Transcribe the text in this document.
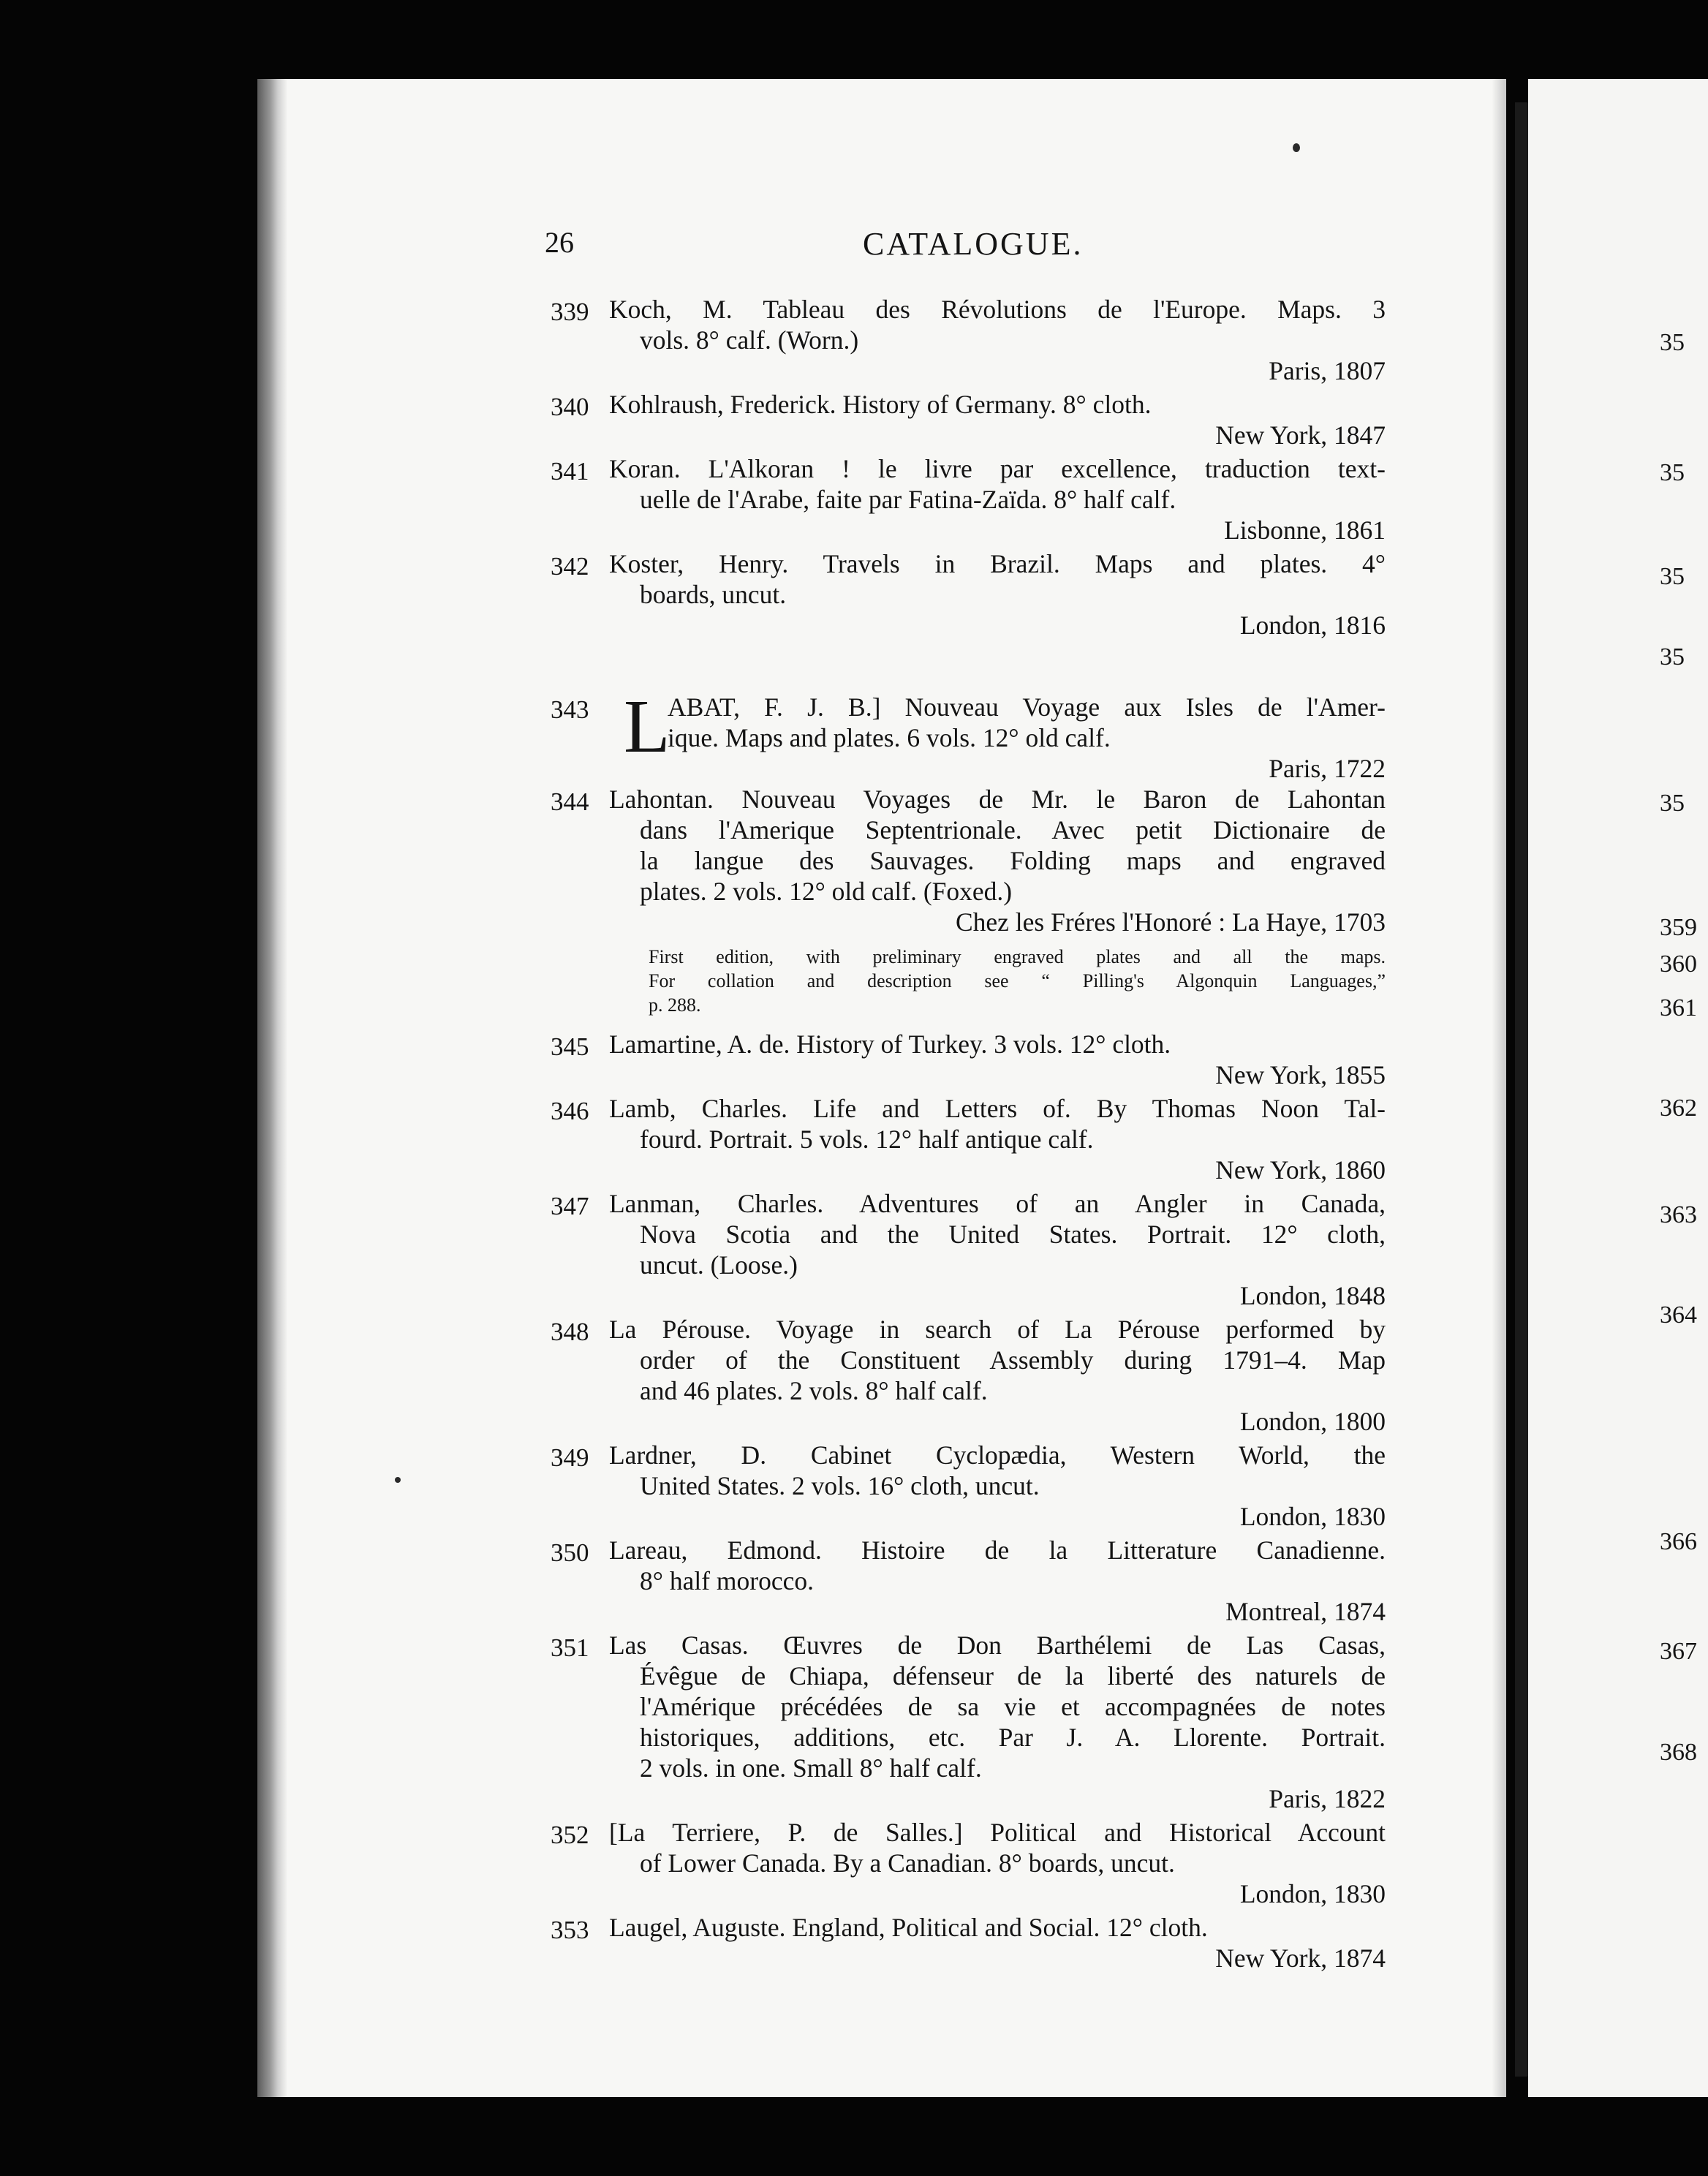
26	CATALOGUE.
339 Koch, M. Tableau des Révolutions de l'Europe. Maps. 3
vols. 8° calf. (Worn.)
Paris, 1807
340 Kohlraush, Frederick. History of Germany. 8° cloth.
New York, 1847
341 Koran. L'Alkoran ! le livre par excellence, traduction text-
uelle de l'Arabe, faite par Fatina-Zaïda. 8° half calf.
Lisbonne, 1861
342 Koster, Henry. Travels in Brazil. Maps and plates. 4°
boards, uncut.
London, 1816
343 L
ABAT, F. J. B.] Nouveau Voyage aux Isles de l'Amer-
ique. Maps and plates. 6 vols. 12° old calf.
Paris, 1722
344 Lahontan. Nouveau Voyages de Mr. le Baron de Lahontan
dans l'Amerique Septentrionale. Avec petit Dictionaire de
la langue des Sauvages. Folding maps and engraved
plates. 2 vols. 12° old calf. (Foxed.)
Chez les Fréres l'Honoré : La Haye, 1703
First edition, with preliminary engraved plates and all the maps.
For collation and description see “ Pilling's Algonquin Languages,”
p. 288.
345 Lamartine, A. de. History of Turkey. 3 vols. 12° cloth.
New York, 1855
346 Lamb, Charles. Life and Letters of. By Thomas Noon Tal-
fourd. Portrait. 5 vols. 12° half antique calf.
New York, 1860
347 Lanman, Charles. Adventures of an Angler in Canada,
Nova Scotia and the United States. Portrait. 12° cloth,
uncut. (Loose.)
London, 1848
348 La Pérouse. Voyage in search of La Pérouse performed by
order of the Constituent Assembly during 1791–4. Map
and 46 plates. 2 vols. 8° half calf.
London, 1800
349 Lardner, D. Cabinet Cyclopædia, Western World, the
United States. 2 vols. 16° cloth, uncut.
London, 1830
350 Lareau, Edmond. Histoire de la Litterature Canadienne.
8° half morocco.
Montreal, 1874
351 Las Casas. Œuvres de Don Barthélemi de Las Casas,
Évêgue de Chiapa, défenseur de la liberté des naturels de
l'Amérique précédées de sa vie et accompagnées de notes
historiques, additions, etc. Par J. A. Llorente. Portrait.
2 vols. in one. Small 8° half calf.
Paris, 1822
352 [La Terriere, P. de Salles.] Political and Historical Account
of Lower Canada. By a Canadian. 8° boards, uncut.
London, 1830
353 Laugel, Auguste. England, Political and Social. 12° cloth.
New York, 1874
35
35
35
35
35
359
360
361
362
363
364
366
367
368
